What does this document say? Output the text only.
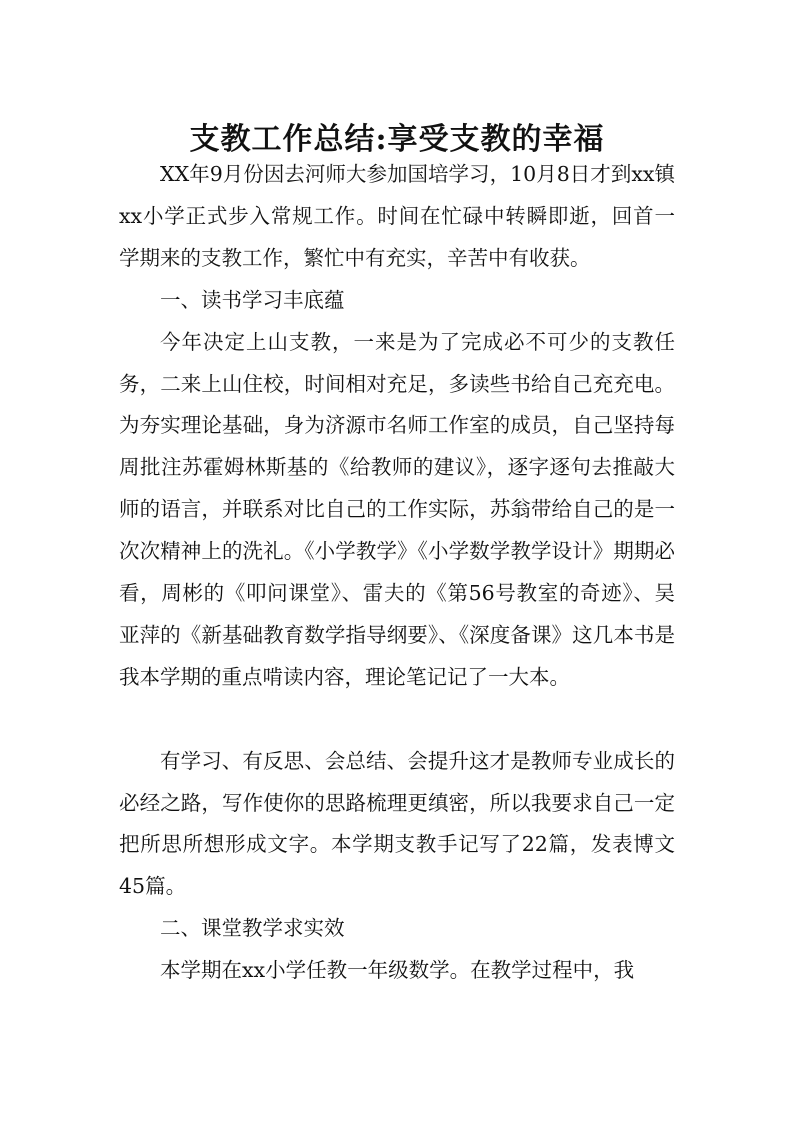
支教工作总结:享受支教的幸福

XX年9月份因去河师大参加国培学习，10月8日才到xx镇xx小学正式步入常规工作。时间在忙碌中转瞬即逝，回首一学期来的支教工作，繁忙中有充实，辛苦中有收获。

一、读书学习丰底蕴

今年决定上山支教，一来是为了完成必不可少的支教任务，二来上山住校，时间相对充足，多读些书给自己充充电。为夯实理论基础，身为济源市名师工作室的成员，自己坚持每周批注苏霍姆林斯基的《给教师的建议》，逐字逐句去推敲大师的语言，并联系对比自己的工作实际，苏翁带给自己的是一次次精神上的洗礼。《小学教学》《小学数学教学设计》期期必看，周彬的《叩问课堂》、雷夫的《第56号教室的奇迹》、吴亚萍的《新基础教育数学指导纲要》、《深度备课》这几本书是我本学期的重点啃读内容，理论笔记记了一大本。

有学习、有反思、会总结、会提升这才是教师专业成长的必经之路，写作使你的思路梳理更缜密，所以我要求自己一定把所思所想形成文字。本学期支教手记写了22篇，发表博文45篇。

二、课堂教学求实效

本学期在xx小学任教一年级数学。在教学过程中，我
